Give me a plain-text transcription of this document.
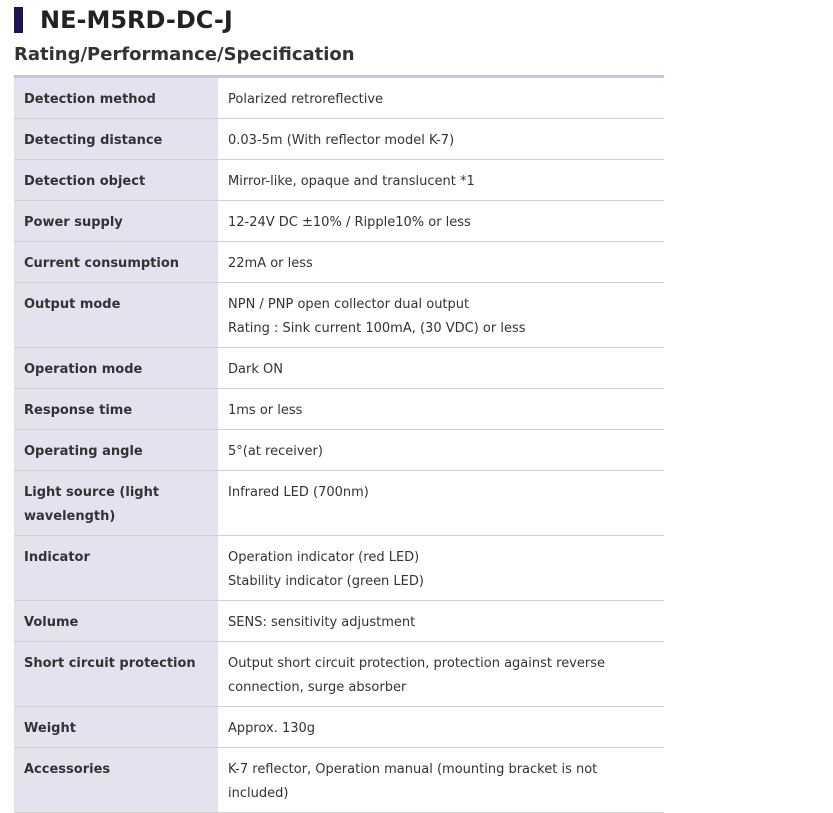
NE-M5RD-DC-J
Rating/Performance/Specification
Detection method	Polarized retroreflective

Detecting distance	0.03-5m (With reflector model K-7)

Detection object	Mirror-like, opaque and translucent *1

Power supply	12-24V DC ±10% / Ripple10% or less

Current consumption	22mA or less

Output mode	NPN / PNP open collector dual output
Rating : Sink current 100mA, (30 VDC) or less

Operation mode	Dark ON

Response time	1ms or less

Operating angle	5°(at receiver)

Light source (light wavelength)	Infrared LED (700nm)

Indicator	Operation indicator (red LED)
Stability indicator (green LED)

Volume	SENS: sensitivity adjustment

Short circuit protection	Output short circuit protection, protection against reverse connection, surge absorber

Weight	Approx. 130g

Accessories	K-7 reflector, Operation manual (mounting bracket is not included)
